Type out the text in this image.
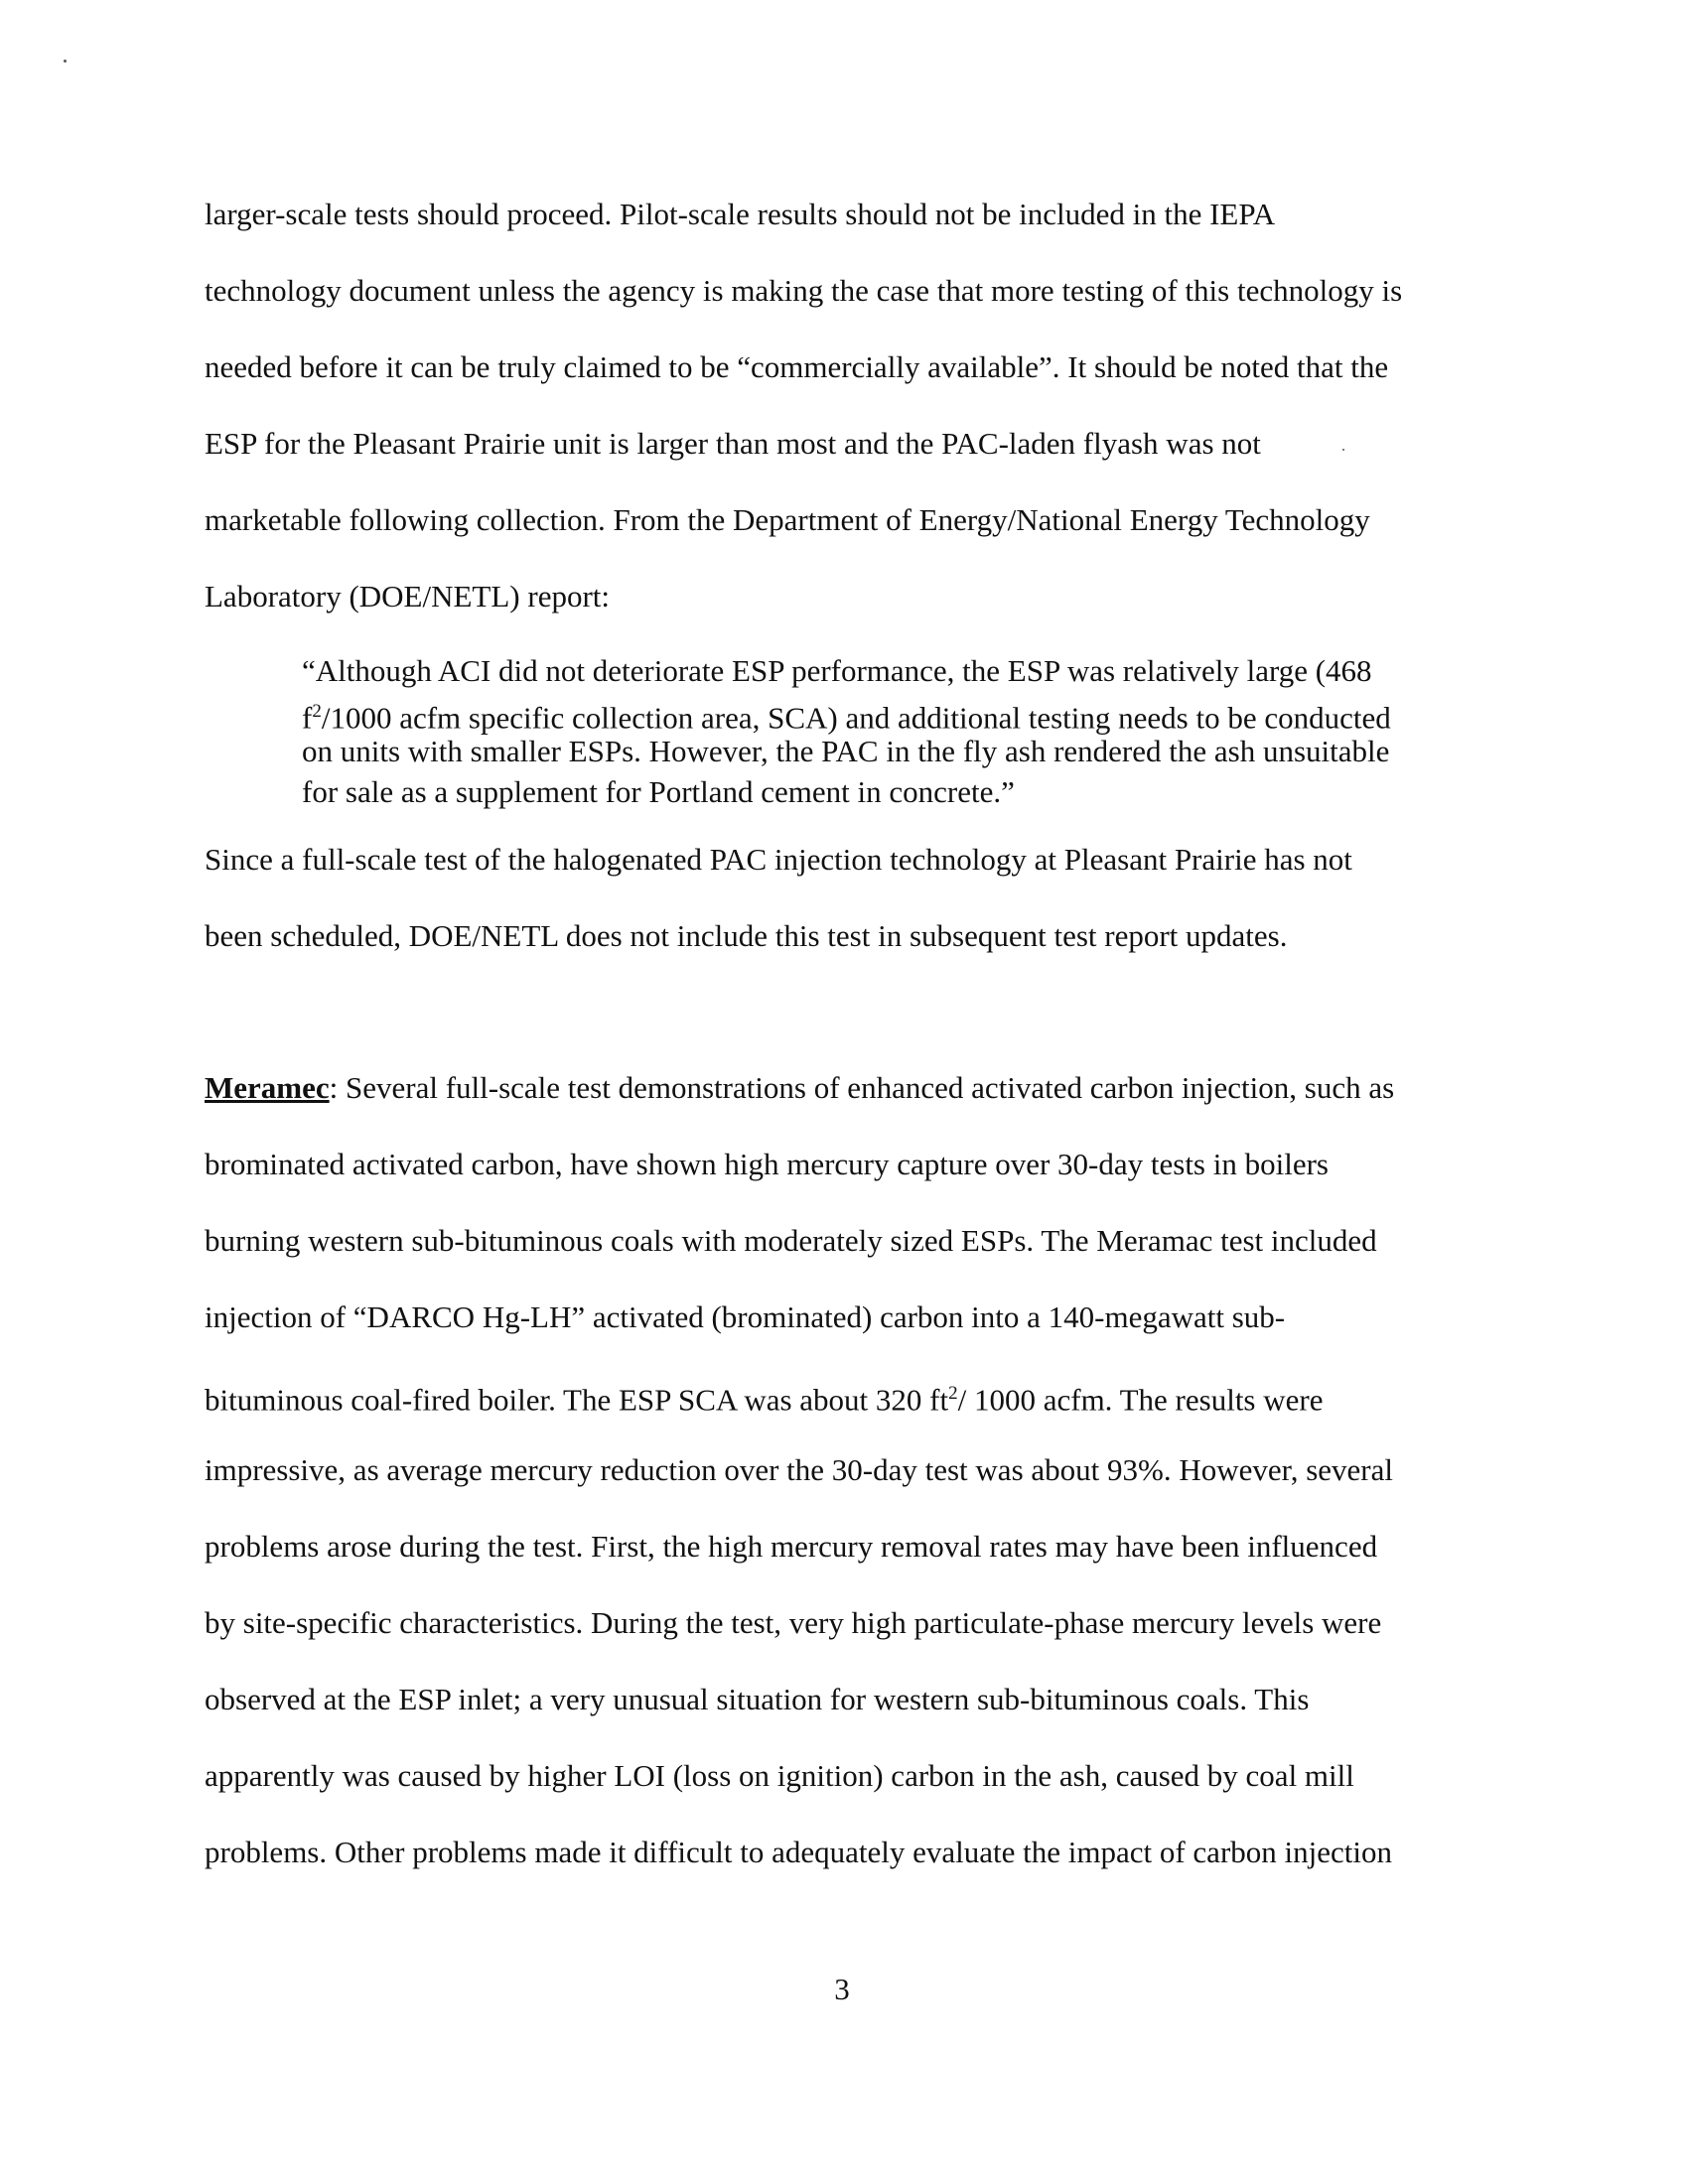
larger-scale tests should proceed. Pilot-scale results should not be included in the IEPA
technology document unless the agency is making the case that more testing of this technology is
needed before it can be truly claimed to be “commercially available”. It should be noted that the
ESP for the Pleasant Prairie unit is larger than most and the PAC-laden flyash was not
marketable following collection. From the Department of Energy/National Energy Technology
Laboratory (DOE/NETL) report:
“Although ACI did not deteriorate ESP performance, the ESP was relatively large (468
$f^2/1000$ acfm specific collection area, SCA) and additional testing needs to be conducted
on units with smaller ESPs. However, the PAC in the fly ash rendered the ash unsuitable
for sale as a supplement for Portland cement in concrete.”
Since a full-scale test of the halogenated PAC injection technology at Pleasant Prairie has not
been scheduled, DOE/NETL does not include this test in subsequent test report updates.
Meramec: Several full-scale test demonstrations of enhanced activated carbon injection, such as
brominated activated carbon, have shown high mercury capture over 30-day tests in boilers
burning western sub-bituminous coals with moderately sized ESPs. The Meramac test included
injection of “DARCO Hg-LH” activated (brominated) carbon into a 140-megawatt sub-
bituminous coal-fired boiler. The ESP SCA was about 320 $ft^2/$ 1000 acfm. The results were
impressive, as average mercury reduction over the 30-day test was about 93%. However, several
problems arose during the test. First, the high mercury removal rates may have been influenced
by site-specific characteristics. During the test, very high particulate-phase mercury levels were
observed at the ESP inlet; a very unusual situation for western sub-bituminous coals. This
apparently was caused by higher LOI (loss on ignition) carbon in the ash, caused by coal mill
problems. Other problems made it difficult to adequately evaluate the impact of carbon injection
3
